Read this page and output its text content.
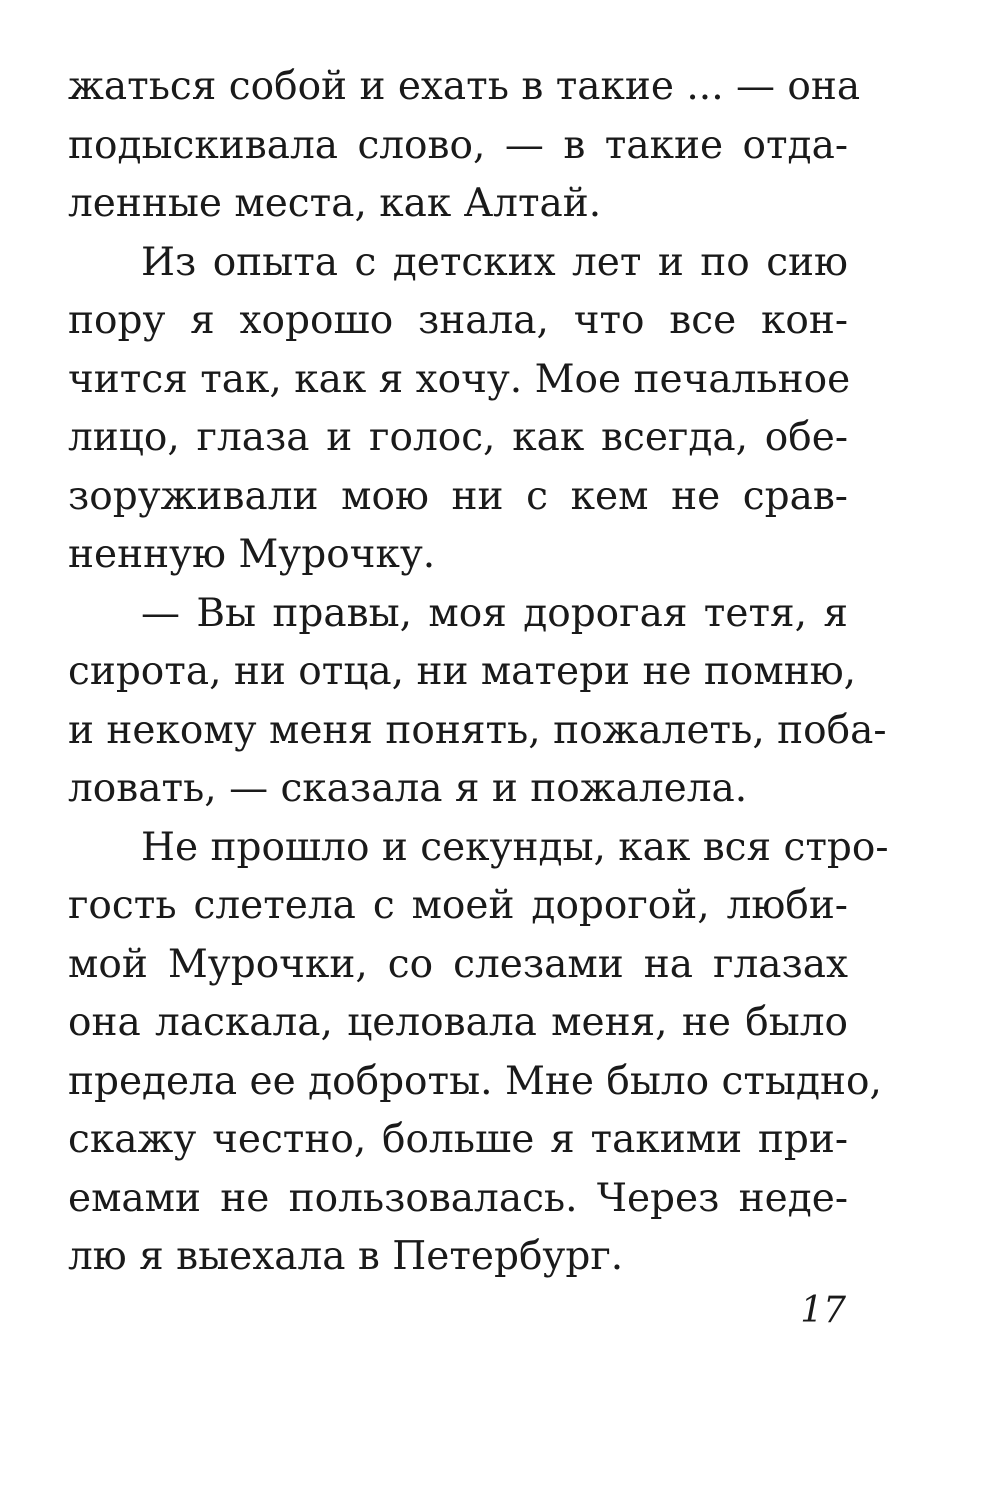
жаться собой и ехать в такие ... — она
подыскивала слово, — в такие отда-
ленные места, как Алтай.
Из опыта с детских лет и по сию
пору я хорошо знала, что все кон-
чится так, как я хочу. Мое печальное
лицо, глаза и голос, как всегда, обе-
зоруживали мою ни с кем не срав-
ненную Мурочку.
— Вы правы, моя дорогая тетя, я
сирота, ни отца, ни матери не помню,
и некому меня понять, пожалеть, поба-
ловать, — сказала я и пожалела.
Не прошло и секунды, как вся стро-
гость слетела с моей дорогой, люби-
мой Мурочки, со слезами на глазах
она ласкала, целовала меня, не было
предела ее доброты. Мне было стыдно,
скажу честно, больше я такими при-
емами не пользовалась. Через неде-
лю я выехала в Петербург.
17
